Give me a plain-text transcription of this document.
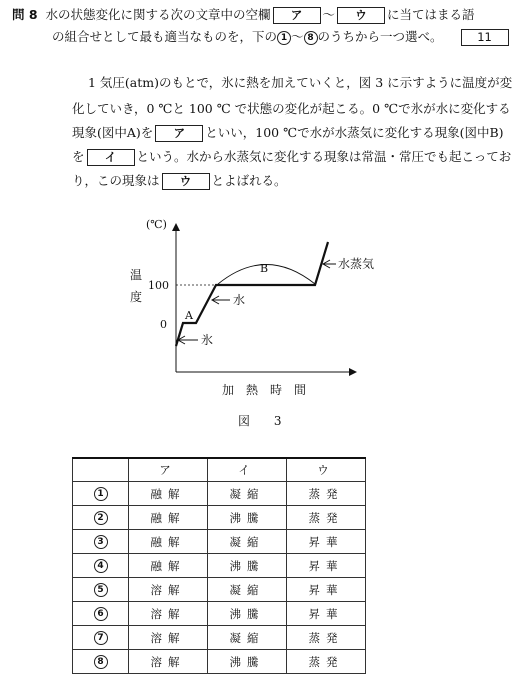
問 8 水の状態変化に関する次の文章中の空欄 ア 〜 ウ に当てはまる語
の組合せとして最も適当なものを，下の 1 〜 8 のうちから一つ選べ。	11
1 気圧(atm)のもとで，氷に熱を加えていくと，図 3 に示すように温度が変
化していき，0 ℃と 100 ℃ で状態の変化が起こる。0 ℃で氷が水に変化する
現象(図中A)を ア といい，100 ℃で水が水蒸気に変化する現象(図中B)
を イ という。水から水蒸気に変化する現象は常温・常圧でも起こってお
り，この現象は ウ とよばれる。
(℃)
温
度
100
0
A
B	水蒸気
水
氷
加　熱　時　間
図 3
	ア	イ	ウ
1	融解	凝縮	蒸発
2	融解	沸騰	蒸発
3	融解	凝縮	昇華
4	融解	沸騰	昇華
5	溶解	凝縮	昇華
6	溶解	沸騰	昇華
7	溶解	凝縮	蒸発
8	溶解	沸騰	蒸発
